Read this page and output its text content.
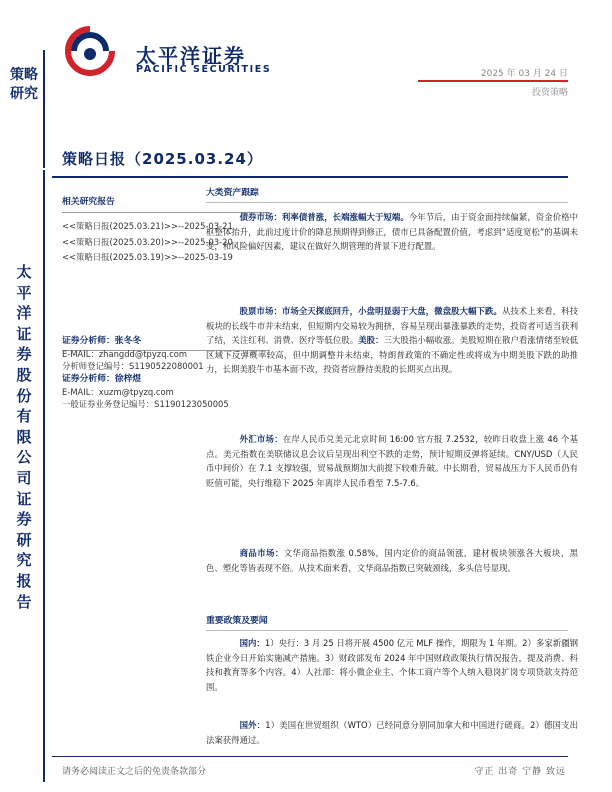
太平洋证券
PACIFIC SECURITIES	2025 年 03 月 24 日
投资策略
策略研究
太平洋证券股份有限公司证券研究报告
策略日报（2025.03.24）
相关研究报告
<<策略日报(2025.03.21)>>--2025-03-21
<<策略日报(2025.03.20)>>--2025-03-20
<<策略日报(2025.03.19)>>--2025-03-19
证券分析师：张冬冬
E-MAIL：zhangdd@tpyzq.com
分析师登记编号：S1190522080001
证券分析师：徐梓煜
E-MAIL：xuzm@tpyzq.com
一般证券业务登记编号：S1190123050005
大类资产跟踪
债券市场：利率债普涨，长端涨幅大于短端。今年节后，由于资金面持续偏紧，资金价格中枢整体抬升，此前过度计价的降息预期得到修正，债市已具备配置价值，考虑到“适度宽松”的基调未变，和风险偏好因素，建议在做好久期管理的背景下进行配置。
股票市场：市场全天探底回升，小盘明显弱于大盘，微盘股大幅下跌。从技术上来看，科技板块的长线牛市并未结束，但短期内交易较为拥挤，容易呈现出暴涨暴跌的走势，投资者可适当获利了结，关注红利、消费、医疗等低位股。美股：三大股指小幅收涨。美股短期在散户看涨情绪至较低区域下反弹概率较高，但中期调整并未结束，特朗普政策的不确定性或将成为中期美股下跌的助推力，长期美股牛市基本面不改，投资者应静待美股的长期买点出现。
外汇市场：在岸人民币兑美元北京时间 16:00 官方报 7.2532，较昨日收盘上涨 46 个基点。美元指数在美联储议息会议后呈现出利空不跌的走势，预计短期反弹将延续。CNY/USD（人民币中间价）在 7.1 支撑较强，贸易战预期加大前提下较难升破。中长期看，贸易战压力下人民币仍有贬值可能，央行维稳下 2025 年离岸人民币看至 7.5-7.6。
商品市场：文华商品指数涨 0.58%，国内定价的商品领涨，建材板块领涨各大板块，黑色、塑化等皆表现不俗。从技术面来看，文华商品指数已突破颈线，多头信号显现。
重要政策及要闻
国内：1）央行：3 月 25 日将开展 4500 亿元 MLF 操作，期限为 1 年期。2）多家新疆钢铁企业今日开始实施减产措施。3）财政部发布 2024 年中国财政政策执行情况报告，提及消费、科技和教育等多个内容。4）人社部：将小微企业主、个体工商户等个人纳入稳岗扩岗专项贷款支持范围。
国外：1）美国在世贸组织（WTO）已经同意分别同加拿大和中国进行磋商。2）德国支出法案获得通过。
请务必阅读正文之后的免责条款部分	守正 出奇 宁静 致远
